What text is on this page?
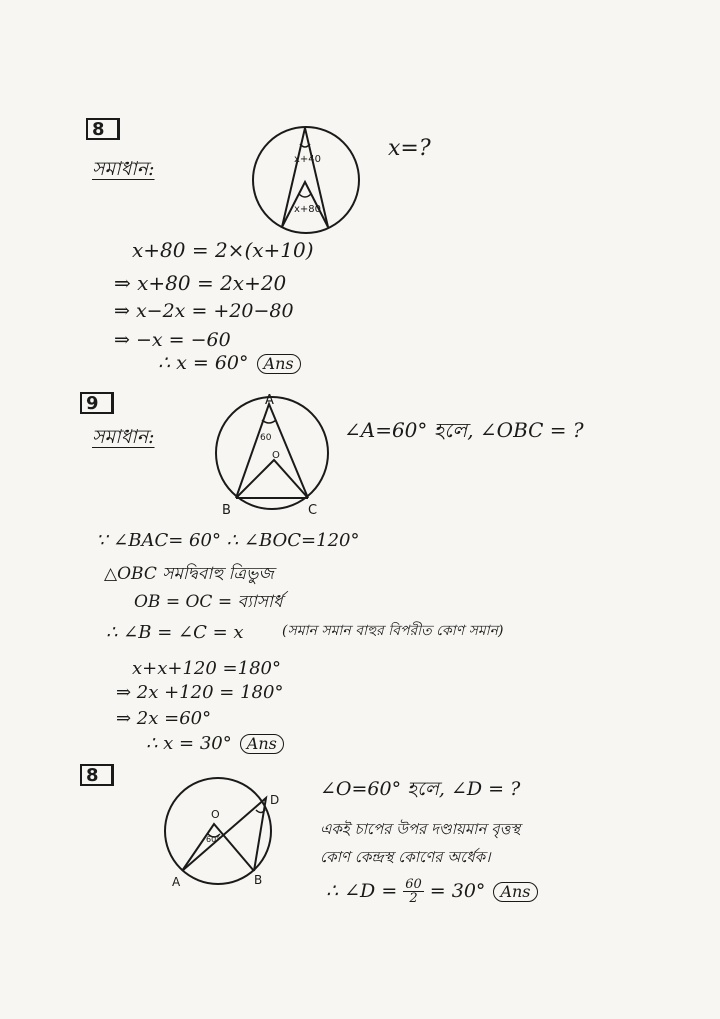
8
সমাধান:	x+40
x+80
x=?
x+80 = 2×(x+10)
⇒ x+80 = 2x+20
⇒ x−2x = +20−80
⇒ −x = −60
∴ x = 60° Ans
9
সমাধান:
A
60
O
B	C
∠A=60° হলে, ∠OBC = ?
∵ ∠BAC= 60° ∴ ∠BOC=120°
△OBC সমদ্বিবাহু ত্রিভুজ
OB = OC = ব্যাসার্ধ
∴ ∠B = ∠C = x	(সমান সমান বাহুর বিপরীত কোণ সমান)
x+x+120 =180°
⇒ 2x +120 = 180°
⇒ 2x =60°
∴ x = 30° Ans
8
O
60°
D
A	B
∠O=60° হলে, ∠D = ?
একই চাপের উপর দণ্ডায়মান বৃত্তস্থ
কোণ কেন্দ্রস্থ কোণের অর্ধেক।
∴ ∠D = $\frac{60}{2} = 30^\circ$ Ans
